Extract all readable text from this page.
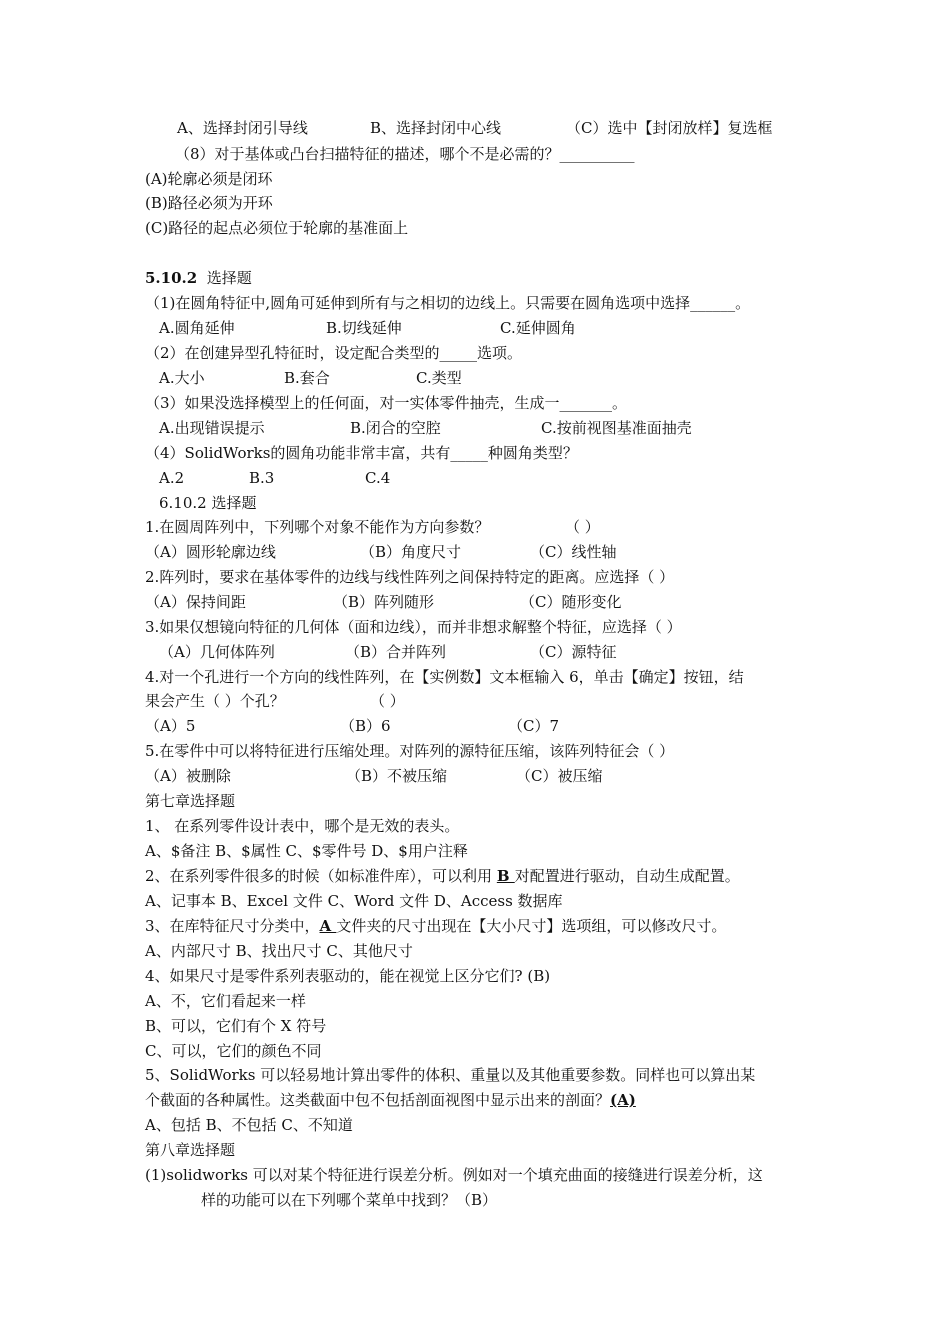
A、选择封闭引导线	B、选择封闭中心线	（C）选中【封闭放样】复选框
（8）对于基体或凸台扫描特征的描述，哪个不是必需的？__________
(A)轮廓必须是闭环
(B)路径必须为开环
(C)路径的起点必须位于轮廓的基准面上
5.10.2 选择题
（1)在圆角特征中,圆角可延伸到所有与之相切的边线上。只需要在圆角选项中选择______。
A.圆角延伸	B.切线延伸	C.延伸圆角
（2）在创建异型孔特征时，设定配合类型的_____选项。
A.大小	B.套合	C.类型
（3）如果没选择模型上的任何面，对一实体零件抽壳，生成一_______。
A.出现错误提示	B.闭合的空腔	C.按前视图基准面抽壳
（4）SolidWorks的圆角功能非常丰富，共有_____种圆角类型？
A.2	B.3	C.4
6.10.2 选择题
1.在圆周阵列中，下列哪个对象不能作为方向参数？	（ ）
（A）圆形轮廓边线	（B）角度尺寸	（C）线性轴
2.阵列时，要求在基体零件的边线与线性阵列之间保持特定的距离。应选择（ ）
（A）保持间距	（B）阵列随形	（C）随形变化
3.如果仅想镜向特征的几何体（面和边线），而并非想求解整个特征，应选择（ ）
（A）几何体阵列	（B）合并阵列	（C）源特征
4.对一个孔进行一个方向的线性阵列，在【实例数】文本框输入 6，单击【确定】按钮，结
果会产生（ ）个孔？	（ ）
（A）5	（B）6	（C）7
5.在零件中可以将特征进行压缩处理。对阵列的源特征压缩，该阵列特征会（ ）
（A）被删除	（B）不被压缩	（C）被压缩
第七章选择题
1、 在系列零件设计表中，哪个是无效的表头。
A、$备注 B、$属性 C、$零件号 D、$用户注释
2、在系列零件很多的时候（如标准件库），可以利用 B 对配置进行驱动，自动生成配置。
A、记事本 B、Excel 文件 C、Word 文件 D、Access 数据库
3、在库特征尺寸分类中，A 文件夹的尺寸出现在【大小尺寸】选项组，可以修改尺寸。
A、内部尺寸 B、找出尺寸 C、其他尺寸
4、如果尺寸是零件系列表驱动的，能在视觉上区分它们? (B)
A、不，它们看起来一样
B、可以，它们有个 X 符号
C、可以，它们的颜色不同
5、SolidWorks 可以轻易地计算出零件的体积、重量以及其他重要参数。同样也可以算出某
个截面的各种属性。这类截面中包不包括剖面视图中显示出来的剖面？(A)
A、包括 B、不包括 C、不知道
第八章选择题
(1)solidworks 可以对某个特征进行误差分析。例如对一个填充曲面的接缝进行误差分析，这
样的功能可以在下列哪个菜单中找到？（B）
